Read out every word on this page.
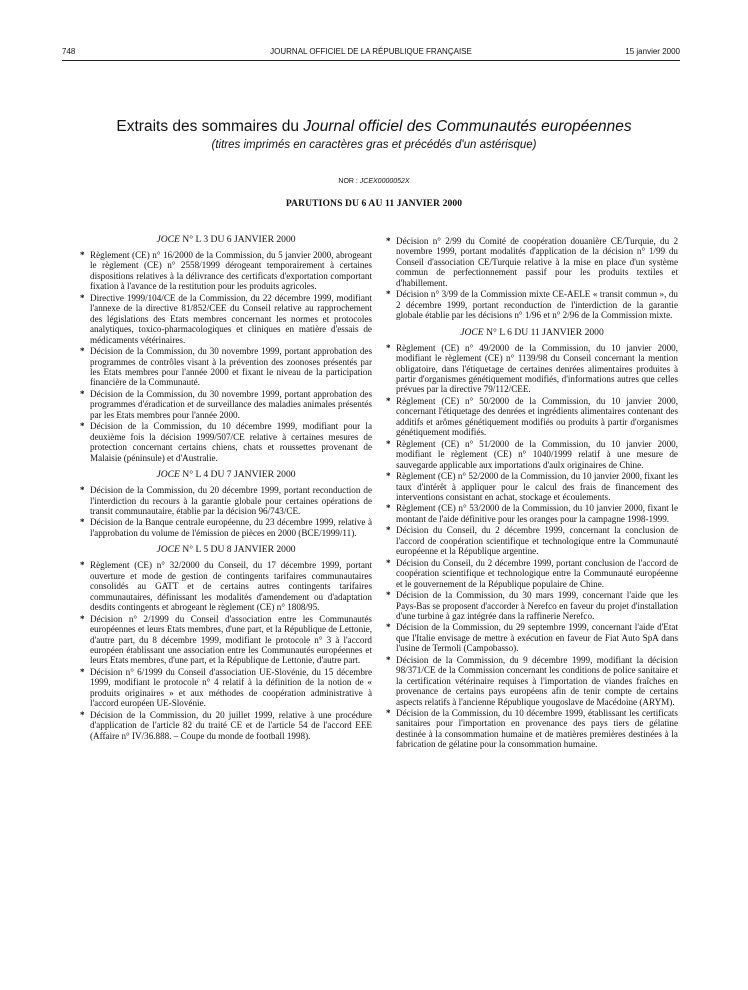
748	JOURNAL OFFICIEL DE LA RÉPUBLIQUE FRANÇAISE	15 janvier 2000
Extraits des sommaires du Journal officiel des Communautés européennes
(titres imprimés en caractères gras et précédés d'un astérisque)
NOR : JCEX0000052X
PARUTIONS DU 6 AU 11 JANVIER 2000
JOCE N° L 3 DU 6 JANVIER 2000
* Règlement (CE) n° 16/2000 de la Commission, du 5 janvier 2000, abrogeant le règlement (CE) n° 2558/1999 dérogeant temporairement à certaines dispositions relatives à la délivrance des certificats d'exportation comportant fixation à l'avance de la restitution pour les produits agricoles.
* Directive 1999/104/CE de la Commission, du 22 décembre 1999, modifiant l'annexe de la directive 81/852/CEE du Conseil relative au rapprochement des législations des Etats membres concernant les normes et protocoles analytiques, toxico-pharmacologiques et cliniques en matière d'essais de médicaments vétérinaires.
* Décision de la Commission, du 30 novembre 1999, portant approbation des programmes de contrôles visant à la prévention des zoonoses présentés par les Etats membres pour l'année 2000 et fixant le niveau de la participation financière de la Communauté.
* Décision de la Commission, du 30 novembre 1999, portant approbation des programmes d'éradication et de surveillance des maladies animales présentés par les Etats membres pour l'année 2000.
* Décision de la Commission, du 10 décembre 1999, modifiant pour la deuxième fois la décision 1999/507/CE relative à certaines mesures de protection concernant certains chiens, chats et roussettes provenant de Malaisie (péninsule) et d'Australie.
JOCE N° L 4 DU 7 JANVIER 2000
* Décision de la Commission, du 20 décembre 1999, portant reconduction de l'interdiction du recours à la garantie globale pour certaines opérations de transit communautaire, établie par la décision 96/743/CE.
* Décision de la Banque centrale européenne, du 23 décembre 1999, relative à l'approbation du volume de l'émission de pièces en 2000 (BCE/1999/11).
JOCE N° L 5 DU 8 JANVIER 2000
* Règlement (CE) n° 32/2000 du Conseil, du 17 décembre 1999, portant ouverture et mode de gestion de contingents tarifaires communautaires consolidés au GATT et de certains autres contingents tarifaires communautaires, définissant les modalités d'amendement ou d'adaptation desdits contingents et abrogeant le règlement (CE) n° 1808/95.
* Décision n° 2/1999 du Conseil d'association entre les Communautés européennes et leurs Etats membres, d'une part, et la République de Lettonie, d'autre part, du 8 décembre 1999, modifiant le protocole n° 3 à l'accord européen établissant une association entre les Communautés européennes et leurs Etats membres, d'une part, et la République de Lettonie, d'autre part.
* Décision n° 6/1999 du Conseil d'association UE-Slovénie, du 15 décembre 1999, modifiant le protocole n° 4 relatif à la définition de la notion de « produits originaires » et aux méthodes de coopération administrative à l'accord européen UE-Slovénie.
* Décision de la Commission, du 20 juillet 1999, relative à une procédure d'application de l'article 82 du traité CE et de l'article 54 de l'accord EEE (Affaire n° IV/36.888. – Coupe du monde de football 1998).
* Décision n° 2/99 du Comité de coopération douanière CE/Turquie, du 2 novembre 1999, portant modalités d'application de la décision n° 1/99 du Conseil d'association CE/Turquie relative à la mise en place d'un système commun de perfectionnement passif pour les produits textiles et d'habillement.
* Décision n° 3/99 de la Commission mixte CE-AELE « transit commun », du 2 décembre 1999, portant reconduction de l'interdiction de la garantie globale établie par les décisions n° 1/96 et n° 2/96 de la Commission mixte.
JOCE N° L 6 DU 11 JANVIER 2000
* Règlement (CE) n° 49/2000 de la Commission, du 10 janvier 2000, modifiant le règlement (CE) n° 1139/98 du Conseil concernant la mention obligatoire, dans l'étiquetage de certaines denrées alimentaires produites à partir d'organismes génétiquement modifiés, d'informations autres que celles prévues par la directive 79/112/CEE.
* Règlement (CE) n° 50/2000 de la Commission, du 10 janvier 2000, concernant l'étiquetage des denrées et ingrédients alimentaires contenant des additifs et arômes génétiquement modifiés ou produits à partir d'organismes génétiquement modifiés.
* Règlement (CE) n° 51/2000 de la Commission, du 10 janvier 2000, modifiant le règlement (CE) n° 1040/1999 relatif à une mesure de sauvegarde applicable aux importations d'aulx originaires de Chine.
* Règlement (CE) n° 52/2000 de la Commission, du 10 janvier 2000, fixant les taux d'intérêt à appliquer pour le calcul des frais de financement des interventions consistant en achat, stockage et écoulements.
* Règlement (CE) n° 53/2000 de la Commission, du 10 janvier 2000, fixant le montant de l'aide définitive pour les oranges pour la campagne 1998-1999.
* Décision du Conseil, du 2 décembre 1999, concernant la conclusion de l'accord de coopération scientifique et technologique entre la Communauté européenne et la République argentine.
* Décision du Conseil, du 2 décembre 1999, portant conclusion de l'accord de coopération scientifique et technologique entre la Communauté européenne et le gouvernement de la République populaire de Chine.
* Décision de la Commission, du 30 mars 1999, concernant l'aide que les Pays-Bas se proposent d'accorder à Nerefco en faveur du projet d'installation d'une turbine à gaz intégrée dans la raffinerie Nerefco.
* Décision de la Commission, du 29 septembre 1999, concernant l'aide d'Etat que l'Italie envisage de mettre à exécution en faveur de Fiat Auto SpA dans l'usine de Termoli (Campobasso).
* Décision de la Commission, du 9 décembre 1999, modifiant la décision 98/371/CE de la Commission concernant les conditions de police sanitaire et la certification vétérinaire requises à l'importation de viandes fraîches en provenance de certains pays européens afin de tenir compte de certains aspects relatifs à l'ancienne République yougoslave de Macédoine (ARYM).
* Décision de la Commission, du 10 décembre 1999, établissant les certificats sanitaires pour l'importation en provenance des pays tiers de gélatine destinée à la consommation humaine et de matières premières destinées à la fabrication de gélatine pour la consommation humaine.
